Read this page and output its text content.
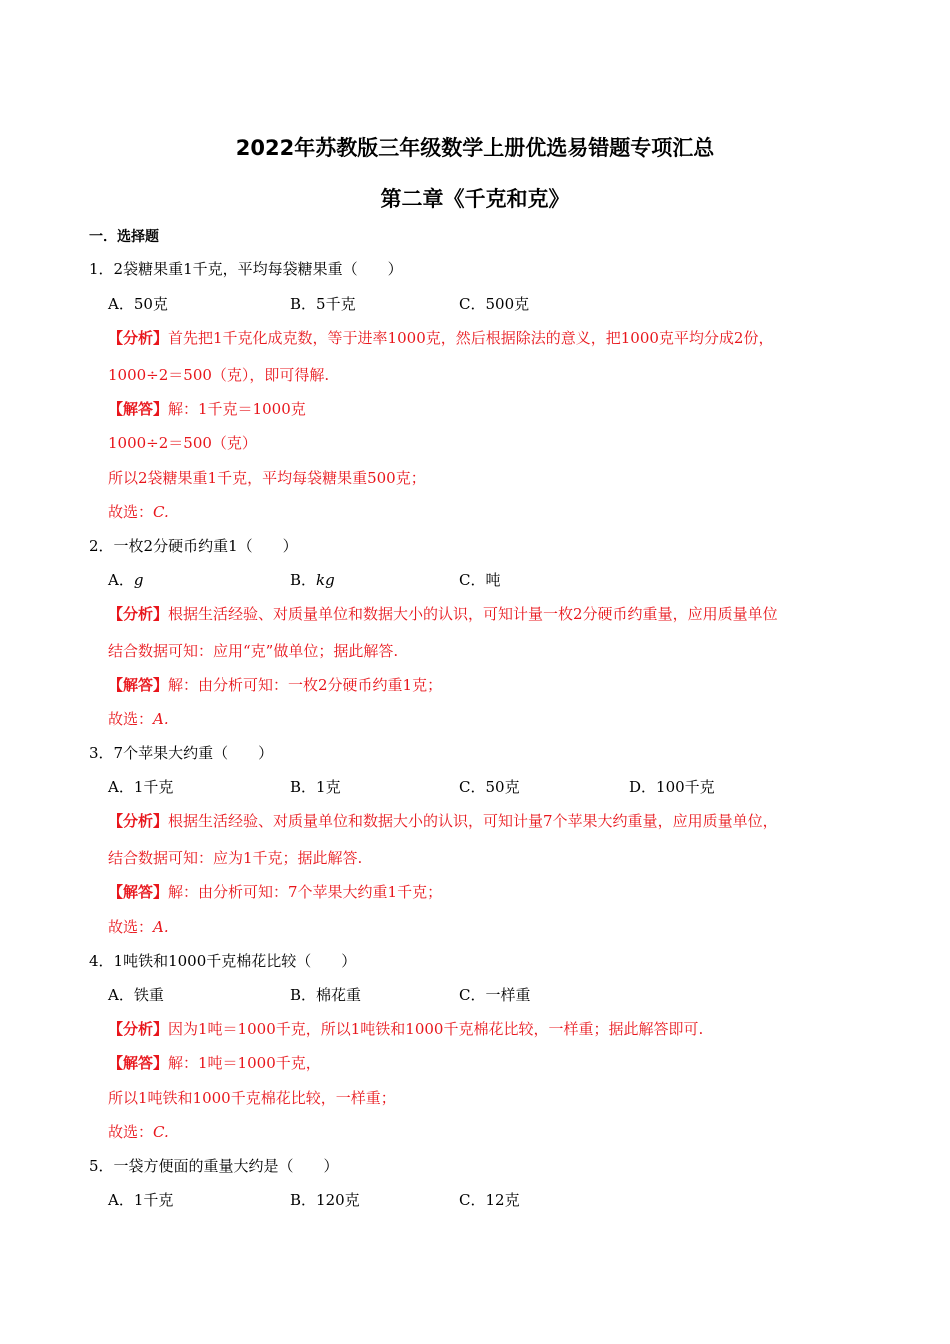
2022年苏教版三年级数学上册优选易错题专项汇总
第二章《千克和克》
一．选择题
1．2袋糖果重1千克，平均每袋糖果重（　　）
A．50克	B．5千克	C．500克
【分析】首先把1千克化成克数，等于进率1000克，然后根据除法的意义，把1000克平均分成2份，
1000÷2＝500（克），即可得解.
【解答】解：1千克＝1000克
1000÷2＝500（克）
所以2袋糖果重1千克，平均每袋糖果重500克；
故选：C.
2．一枚2分硬币约重1（　　）
A．g	B．kg	C．吨
【分析】根据生活经验、对质量单位和数据大小的认识，可知计量一枚2分硬币约重量，应用质量单位
结合数据可知：应用“克”做单位；据此解答.
【解答】解：由分析可知：一枚2分硬币约重1克；
故选：A.
3．7个苹果大约重（　　）
A．1千克	B．1克	C．50克	D．100千克
【分析】根据生活经验、对质量单位和数据大小的认识，可知计量7个苹果大约重量，应用质量单位，
结合数据可知：应为1千克；据此解答.
【解答】解：由分析可知：7个苹果大约重1千克；
故选：A.
4．1吨铁和1000千克棉花比较（　　）
A．铁重	B．棉花重	C．一样重
【分析】因为1吨＝1000千克，所以1吨铁和1000千克棉花比较，一样重；据此解答即可.
【解答】解：1吨＝1000千克，
所以1吨铁和1000千克棉花比较，一样重；
故选：C.
5．一袋方便面的重量大约是（　　）
A．1千克	B．120克	C．12克
